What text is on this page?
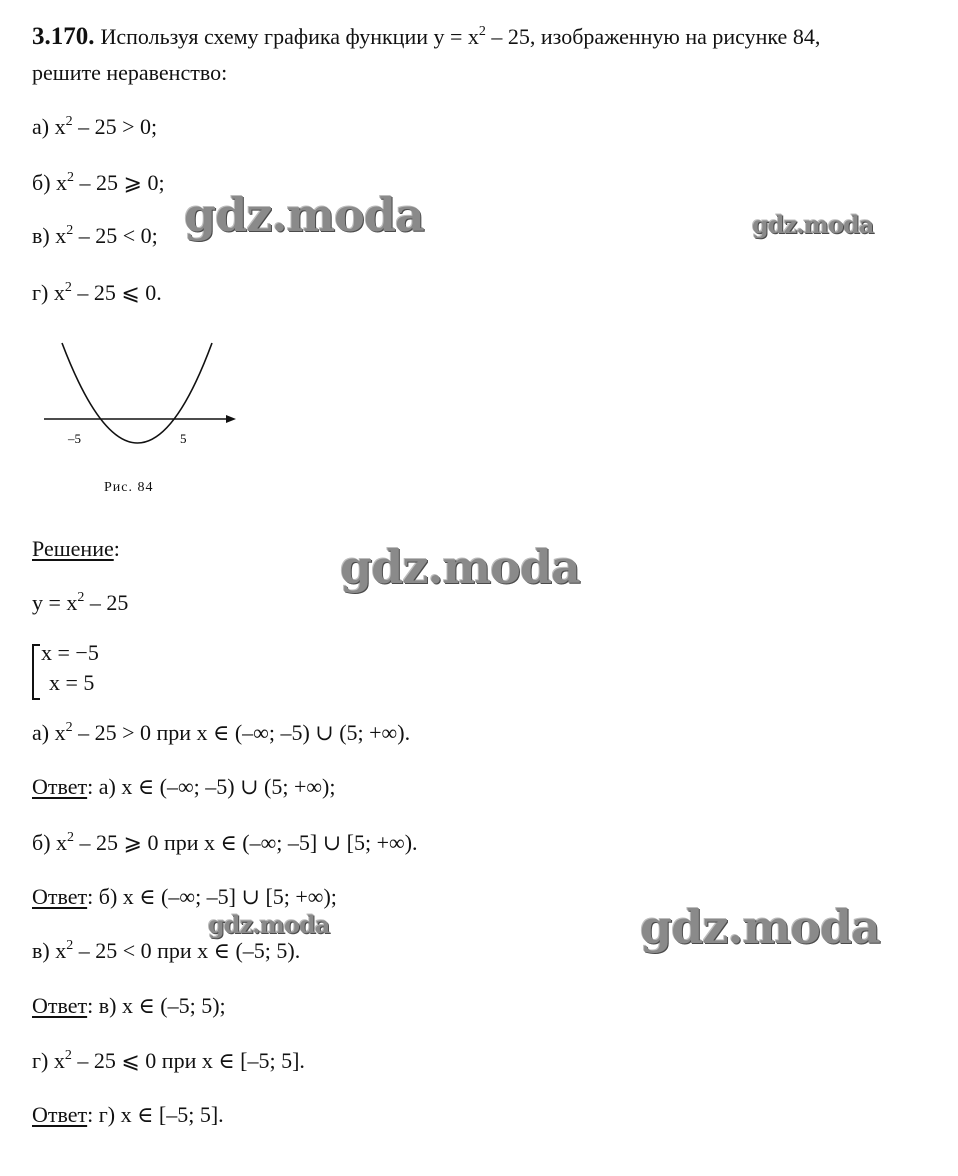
3.170. Используя схему графика функции $y = x^2 - 25$, изображенную на рисунке 84,
решите неравенство:
а) $x^2 - 25 > 0$;
б) $x^2 - 25$ ⩾ 0;
в) $x^2 - 25 < 0$;
г) $x^2 - 25$ ⩽ 0.
–5	5
Рис. 84
Решение:
$y = x^2 - 25$
x = −5
x = 5
а) $x^2 - 25 > 0$ при x ∈ (–∞; –5) ∪ (5; +∞).
Ответ: а) x ∈ (–∞; –5) ∪ (5; +∞);
б) $x^2 - 25$ ⩾ 0 при x ∈ (–∞; –5] ∪ [5; +∞).
Ответ: б) x ∈ (–∞; –5] ∪ [5; +∞);
в) $x^2 - 25 < 0$ при x ∈ (–5; 5).
Ответ: в) x ∈ (–5; 5);
г) $x^2 - 25$ ⩽ 0 при x ∈ [–5; 5].
Ответ: г) x ∈ [–5; 5].
gdz.moda	gdz.moda
gdz.moda
gdz.moda	gdz.moda
